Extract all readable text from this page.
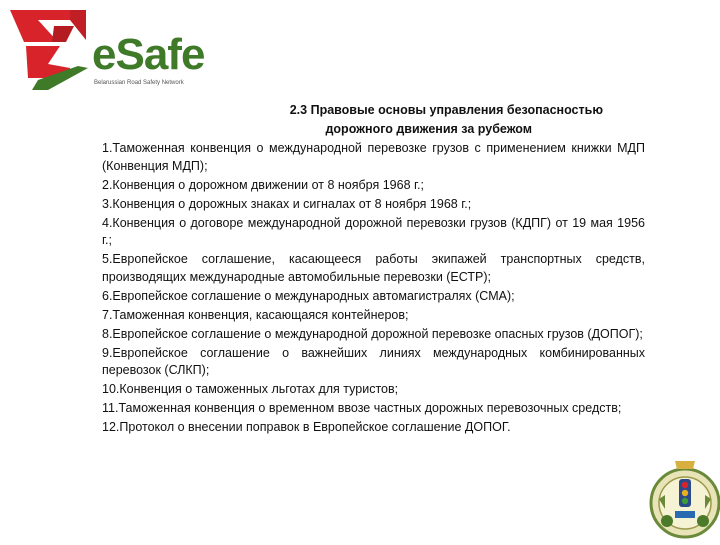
eSafe
Belarussian Road Safety Network
2.3 Правовые основы управления безопасностью
дорожного движения за рубежом
1.Таможенная конвенция о международной перевозке грузов с применением книжки МДП (Конвенция МДП);
2.Конвенция о дорожном движении от 8 ноября 1968 г.;
3.Конвенция о дорожных знаках и сигналах от 8 ноября 1968 г.;
4.Конвенция о договоре международной дорожной перевозки грузов (КДПГ) от 19 мая 1956 г.;
5.Европейское соглашение, касающееся работы экипажей транспортных средств, производящих международные автомобильные перевозки (ЕСТР);
6.Европейское соглашение о международных автомагистралях (СМА);
7.Таможенная конвенция, касающаяся контейнеров;
8.Европейское соглашение о международной дорожной перевозке опасных грузов (ДОПОГ);
9.Европейское соглашение о важнейших линиях международных комбинированных перевозок (СЛКП);
10.Конвенция о таможенных льготах для туристов;
11.Таможенная конвенция о временном ввозе частных дорожных перевозочных средств;
12.Протокол о внесении поправок в Европейское соглашение ДОПОГ.
